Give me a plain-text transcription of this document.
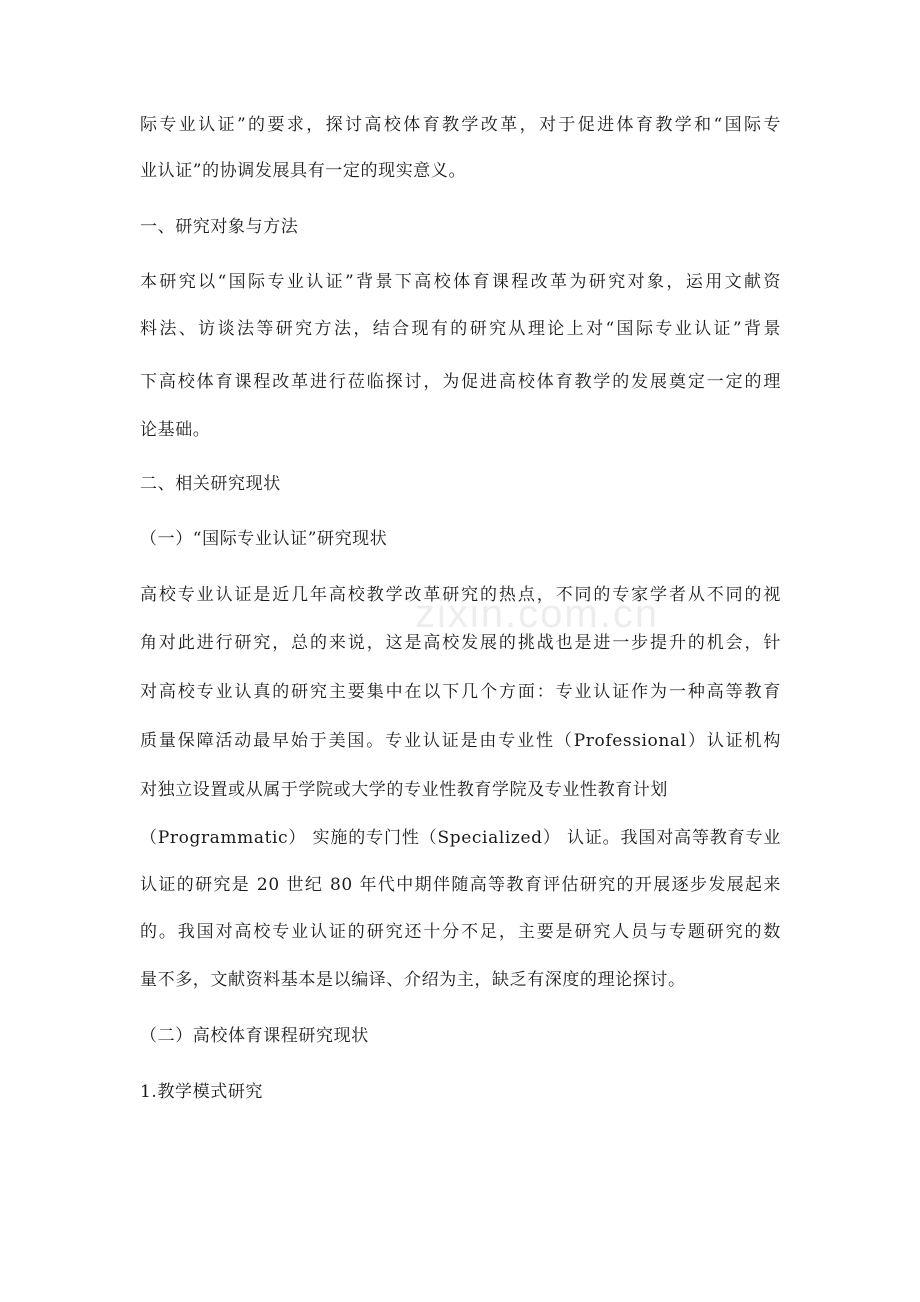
zixin.com.cn
际专业认证”的要求，探讨高校体育教学改革，对于促进体育教学和“国际专
业认证”的协调发展具有一定的现实意义。
一、研究对象与方法
本研究以“国际专业认证”背景下高校体育课程改革为研究对象，运用文献资
料法、访谈法等研究方法，结合现有的研究从理论上对“国际专业认证”背景
下高校体育课程改革进行莅临探讨，为促进高校体育教学的发展奠定一定的理
论基础。
二、相关研究现状
（一）“国际专业认证”研究现状
高校专业认证是近几年高校教学改革研究的热点，不同的专家学者从不同的视
角对此进行研究，总的来说，这是高校发展的挑战也是进一步提升的机会，针
对高校专业认真的研究主要集中在以下几个方面：专业认证作为一种高等教育
质量保障活动最早始于美国。专业认证是由专业性（Professional）认证机构
对独立设置或从属于学院或大学的专业性教育学院及专业性教育计划
（Programmatic） 实施的专门性（Specialized） 认证。我国对高等教育专业
认证的研究是 20 世纪 80 年代中期伴随高等教育评估研究的开展逐步发展起来
的。我国对高校专业认证的研究还十分不足，主要是研究人员与专题研究的数
量不多，文献资料基本是以编译、介绍为主，缺乏有深度的理论探讨。
（二）高校体育课程研究现状
1.教学模式研究
